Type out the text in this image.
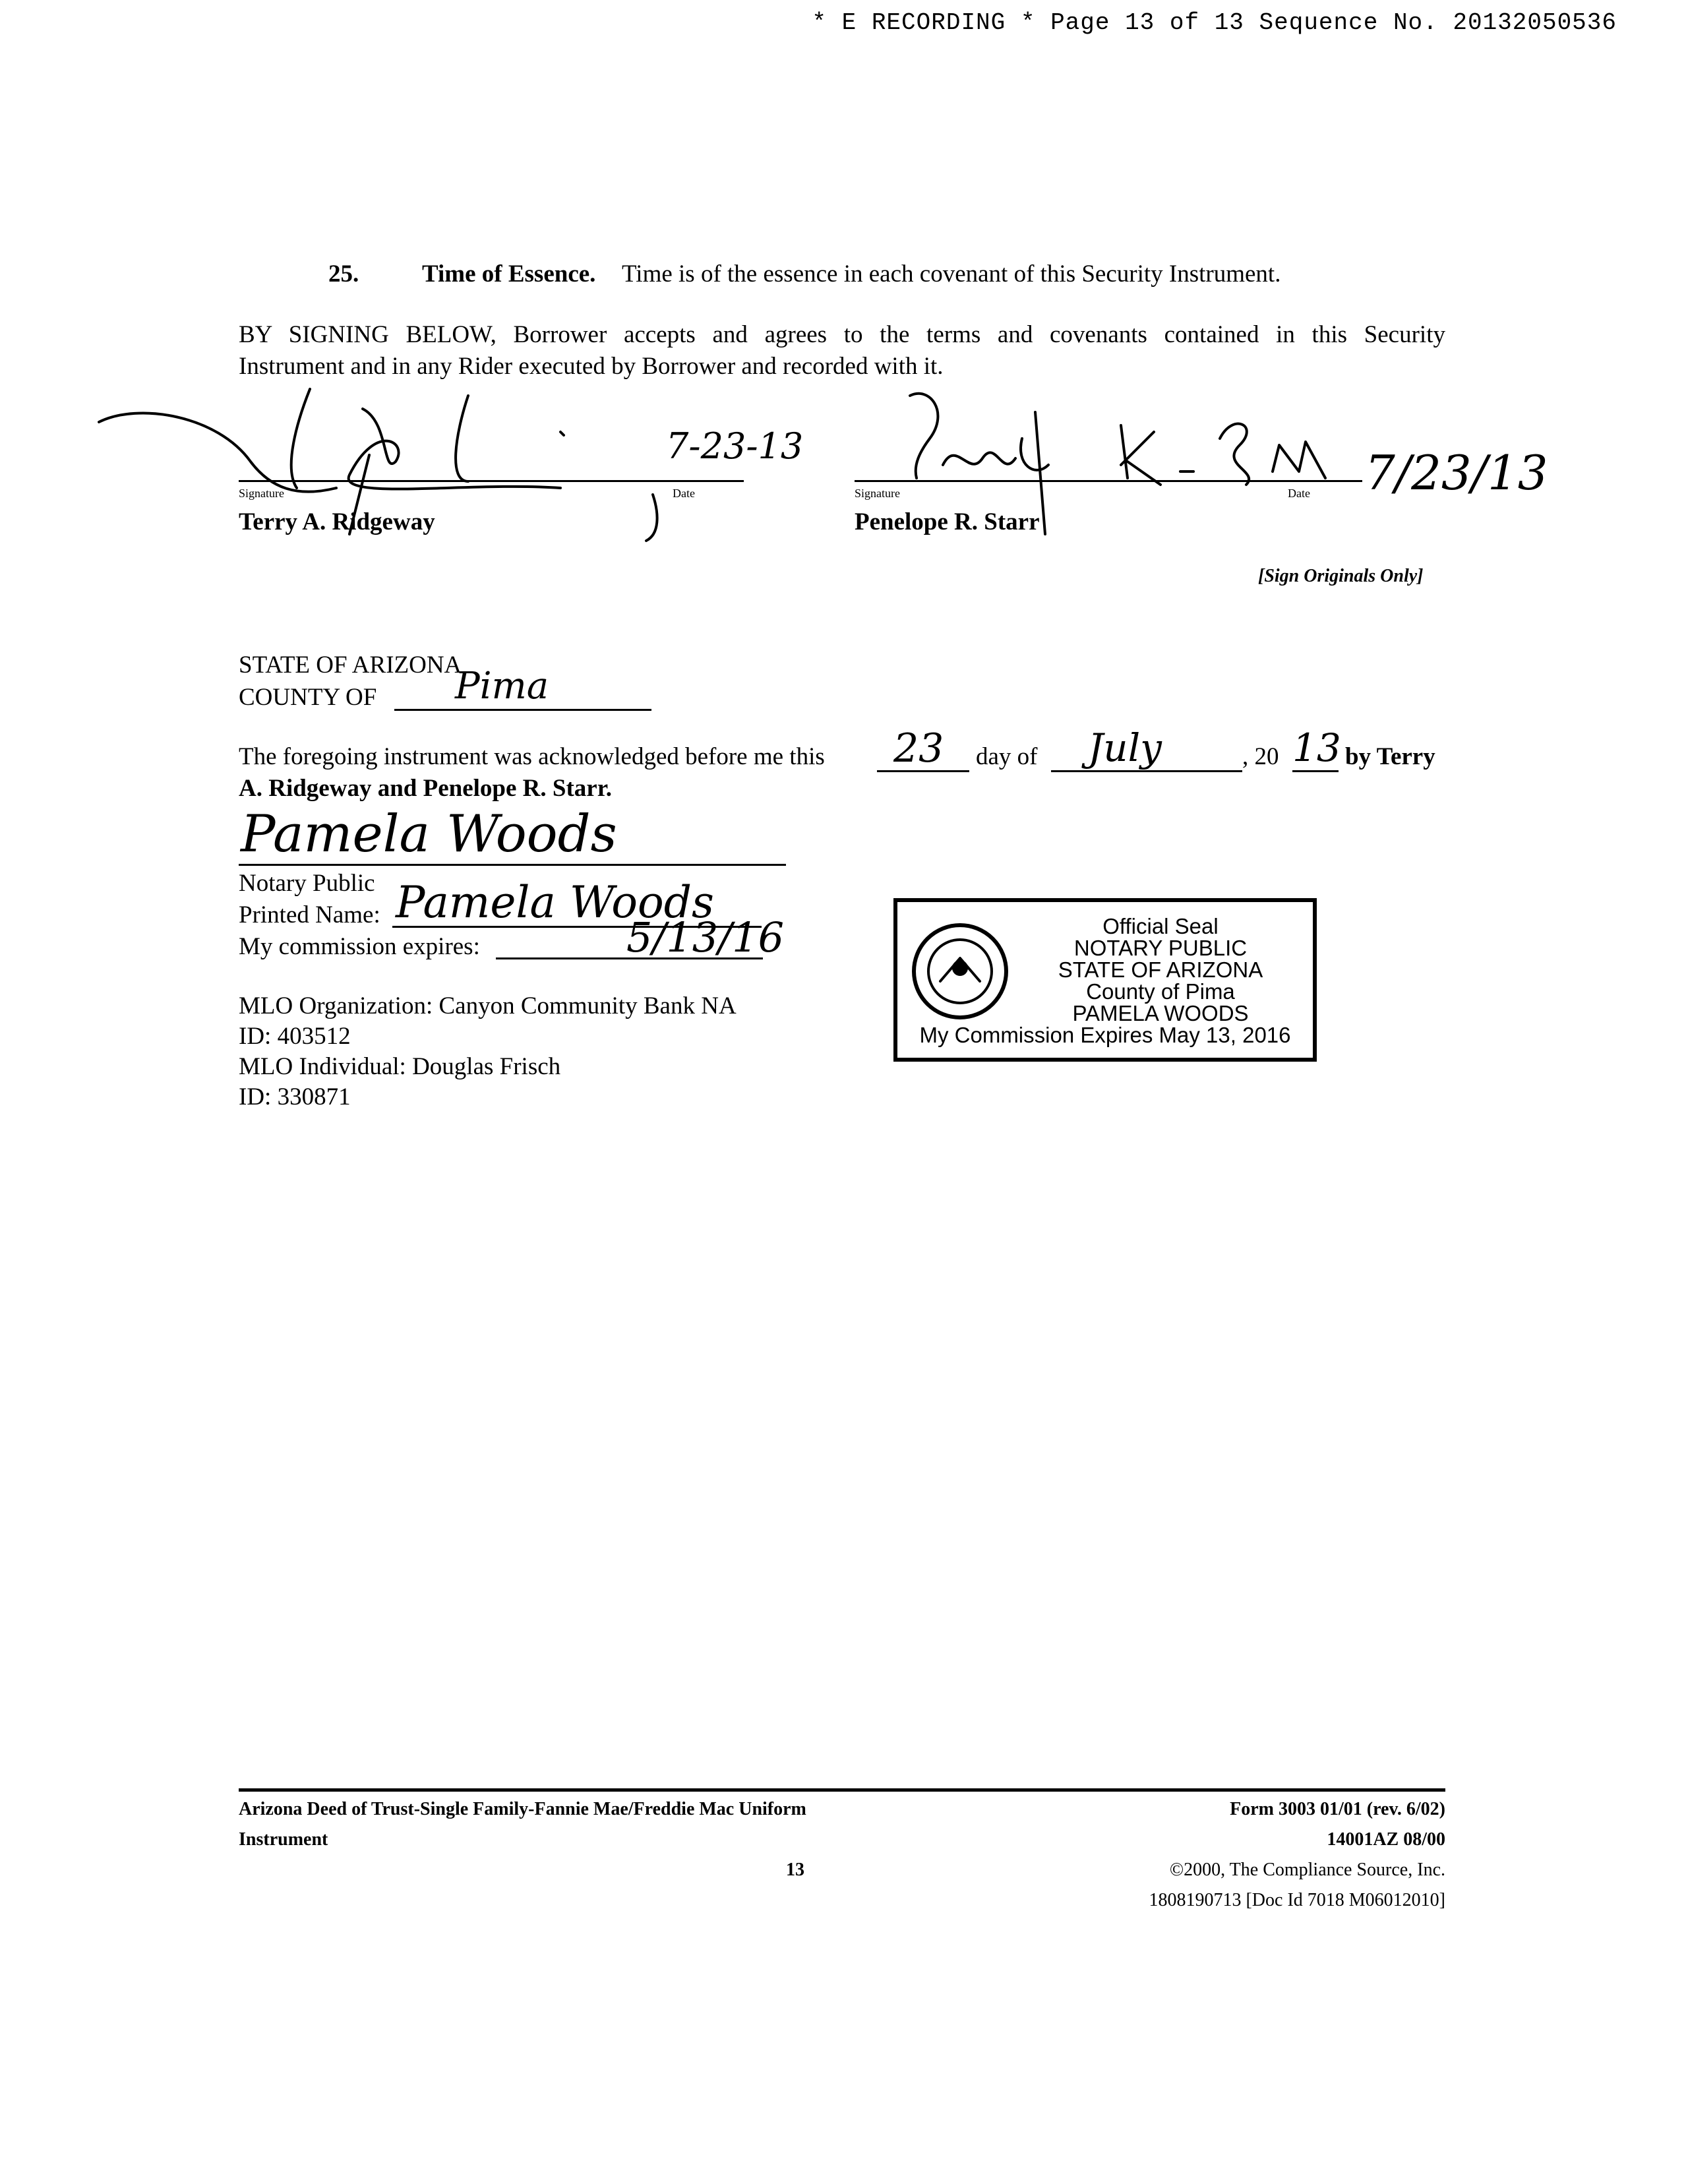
* E RECORDING * Page 13 of 13 Sequence No. 20132050536
25.	Time of Essence. Time is of the essence in each covenant of this Security Instrument.
BY SIGNING BELOW, Borrower accepts and agrees to the terms and covenants contained in this Security
Instrument and in any Rider executed by Borrower and recorded with it.
Signature	Date
Terry A. Ridgeway
7-23-13
Signature	Date
Penelope R. Starr
7/23/13
[Sign Originals Only]
STATE OF ARIZONA
COUNTY OF Pima
The foregoing instrument was acknowledged before me this 23 day of July	, 20 13 by Terry
A. Ridgeway and Penelope R. Starr.
Pamela Woods
Notary Public
Printed Name: Pamela Woods
My commission expires:	5/13/16	Official Seal
NOTARY PUBLIC
STATE OF ARIZONA
County of Pima
PAMELA WOODS
My Commission Expires May 13, 2016
MLO Organization: Canyon Community Bank NA
ID: 403512
MLO Individual: Douglas Frisch
ID: 330871
Arizona Deed of Trust-Single Family-Fannie Mae/Freddie Mac Uniform
Instrument
13
Form 3003 01/01 (rev. 6/02)
14001AZ 08/00
©2000, The Compliance Source, Inc.
1808190713 [Doc Id 7018 M06012010]
